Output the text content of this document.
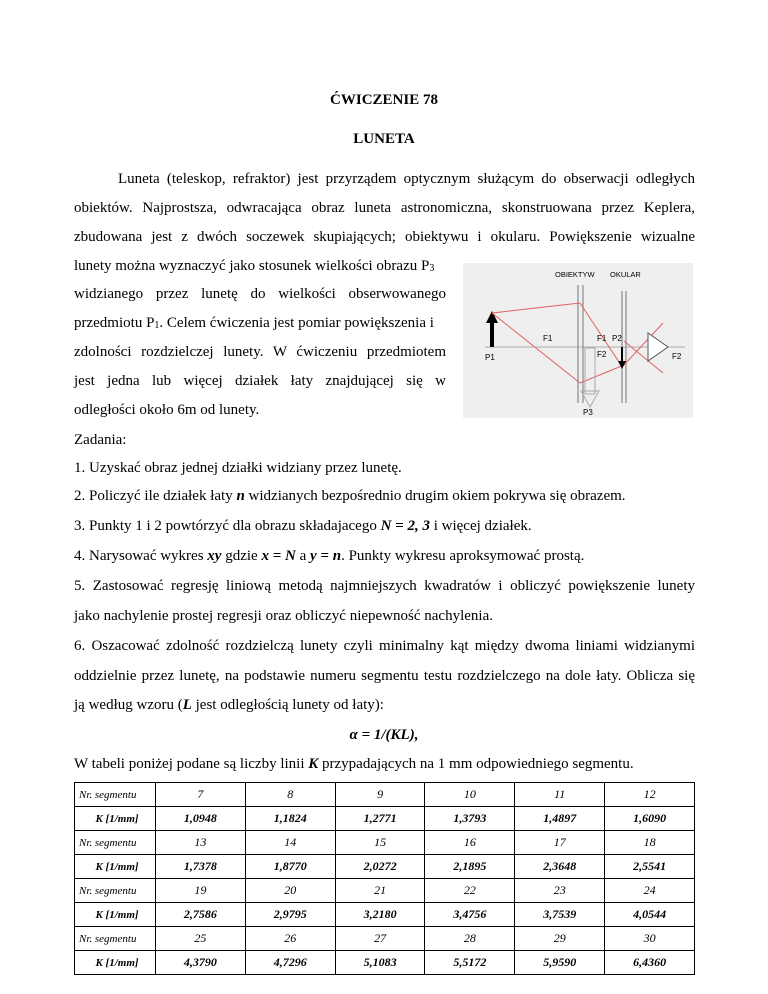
ĆWICZENIE 78
LUNETA
Luneta (teleskop, refraktor) jest przyrządem optycznym służącym do obserwacji odległych
obiektów. Najprostsza, odwracająca obraz luneta astronomiczna, skonstruowana przez Keplera,
zbudowana jest z dwóch soczewek skupiających; obiektywu i okularu. Powiększenie wizualne
lunety można wyznaczyć jako stosunek wielkości obrazu $P_3$
widzianego przez lunetę do wielkości obserwowanego
przedmiotu $P_1$. Celem ćwiczenia jest pomiar powiększenia i
zdolności rozdzielczej lunety. W ćwiczeniu przedmiotem
jest jedna lub więcej działek łaty znajdującej się w
odległości około 6m od lunety.
OBIEKTYW OKULAR
F1	F1 P2
F2	F2
P1
P3
Zadania:
1. Uzyskać obraz jednej działki widziany przez lunetę.
2. Policzyć ile działek łaty n widzianych bezpośrednio drugim okiem pokrywa się obrazem.
3. Punkty 1 i 2 powtórzyć dla obrazu składajacego N = 2, 3 i więcej działek.
4. Narysować wykres xy gdzie x = N a y = n. Punkty wykresu aproksymować prostą.
5. Zastosować regresję liniową metodą najmniejszych kwadratów i obliczyć powiększenie lunety
jako nachylenie prostej regresji oraz obliczyć niepewność nachylenia.
6. Oszacować zdolność rozdzielczą lunety czyli minimalny kąt między dwoma liniami widzianymi
oddzielnie przez lunetę, na podstawie numeru segmentu testu rozdzielczego na dole łaty. Oblicza się
ją według wzoru (L jest odległością lunety od łaty):
α = 1/(KL),
W tabeli poniżej podane są liczby linii K przypadających na 1 mm odpowiedniego segmentu.
Nr. segmentu	7	8	9	10	11	12
K [1/mm]	1,0948	1,1824	1,2771	1,3793	1,4897	1,6090
Nr. segmentu	13	14	15	16	17	18
K [1/mm]	1,7378	1,8770	2,0272	2,1895	2,3648	2,5541
Nr. segmentu	19	20	21	22	23	24
K [1/mm]	2,7586	2,9795	3,2180	3,4756	3,7539	4,0544
Nr. segmentu	25	26	27	28	29	30
K [1/mm]	4,3790	4,7296	5,1083	5,5172	5,9590	6,4360
